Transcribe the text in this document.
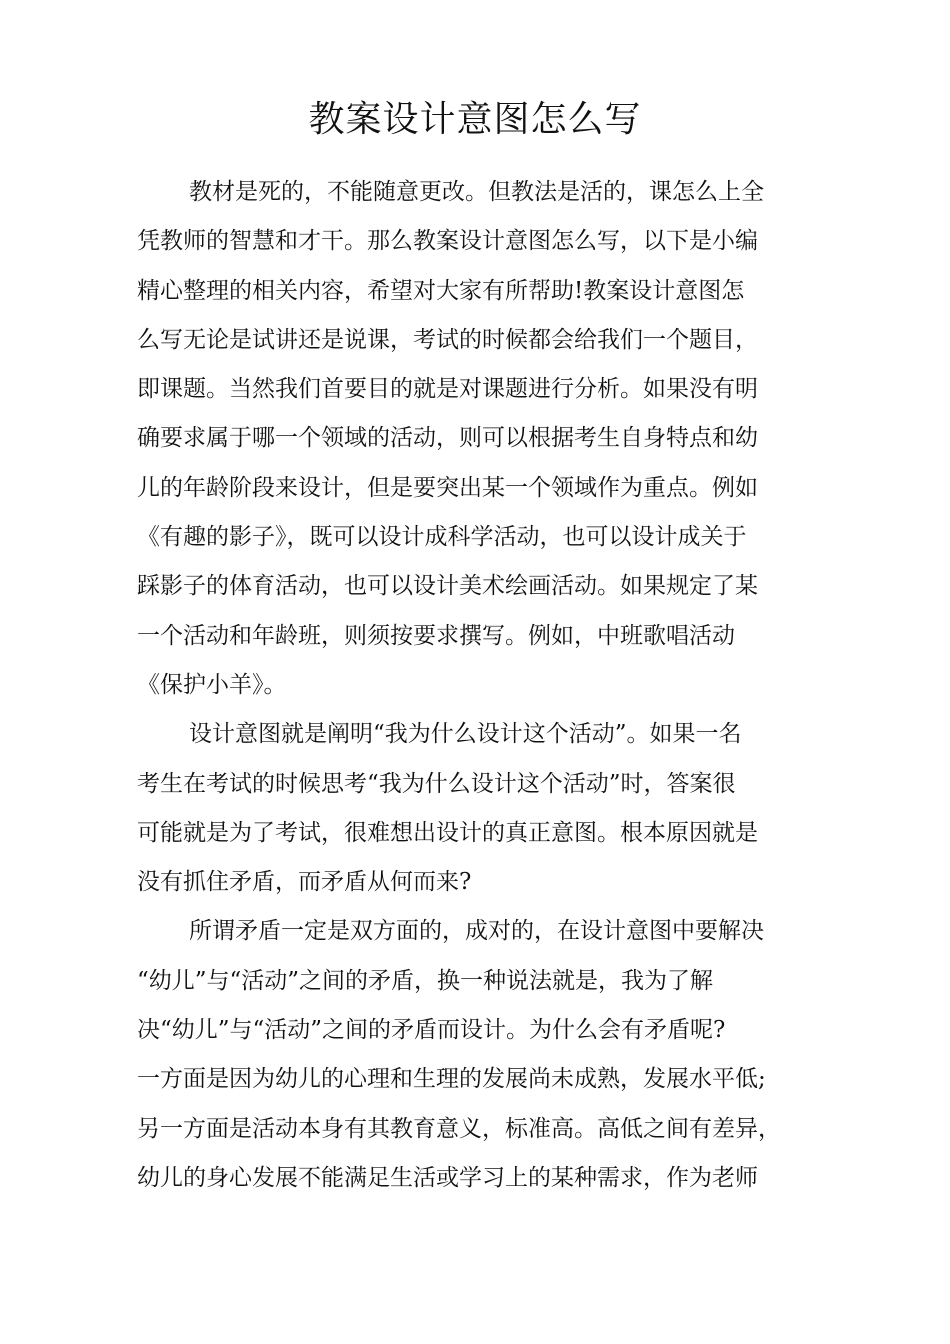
教案设计意图怎么写

教材是死的，不能随意更改。但教法是活的，课怎么上全
凭教师的智慧和才干。那么教案设计意图怎么写，以下是小编
精心整理的相关内容，希望对大家有所帮助!教案设计意图怎
么写无论是试讲还是说课，考试的时候都会给我们一个题目，
即课题。当然我们首要目的就是对课题进行分析。如果没有明
确要求属于哪一个领域的活动，则可以根据考生自身特点和幼
儿的年龄阶段来设计，但是要突出某一个领域作为重点。例如
《有趣的影子》，既可以设计成科学活动，也可以设计成关于
踩影子的体育活动，也可以设计美术绘画活动。如果规定了某
一个活动和年龄班，则须按要求撰写。例如，中班歌唱活动
《保护小羊》。

设计意图就是阐明“我为什么设计这个活动”。如果一名
考生在考试的时候思考“我为什么设计这个活动”时，答案很
可能就是为了考试，很难想出设计的真正意图。根本原因就是
没有抓住矛盾，而矛盾从何而来?

所谓矛盾一定是双方面的，成对的，在设计意图中要解决
“幼儿”与“活动”之间的矛盾，换一种说法就是，我为了解
决“幼儿”与“活动”之间的矛盾而设计。为什么会有矛盾呢?
一方面是因为幼儿的心理和生理的发展尚未成熟，发展水平低;
另一方面是活动本身有其教育意义，标准高。高低之间有差异，
幼儿的身心发展不能满足生活或学习上的某种需求，作为老师
